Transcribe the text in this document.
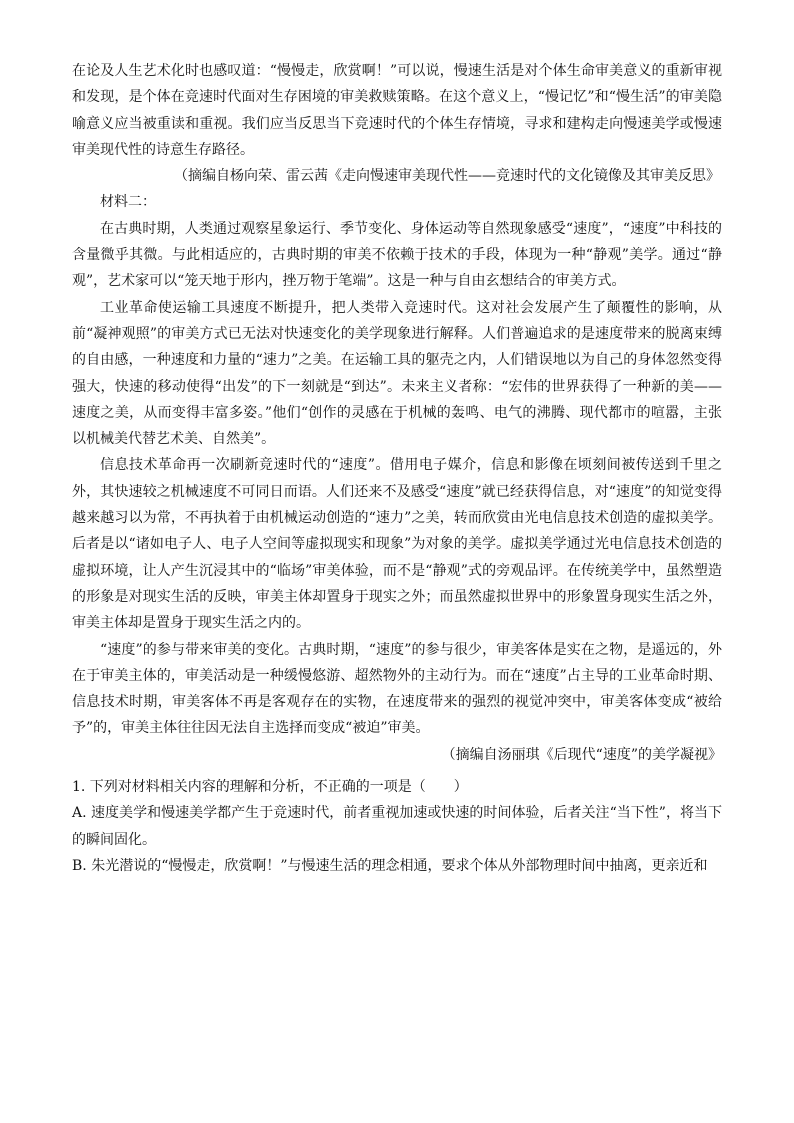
在论及人生艺术化时也感叹道：“慢慢走，欣赏啊！”可以说，慢速生活是对个体生命审美意义的重新审视和发现，是个体在竞速时代面对生存困境的审美救赎策略。在这个意义上，“慢记忆”和“慢生活”的审美隐喻意义应当被重读和重视。我们应当反思当下竞速时代的个体生存情境，寻求和建构走向慢速美学或慢速审美现代性的诗意生存路径。

（摘编自杨向荣、雷云茜《走向慢速审美现代性——竞速时代的文化镜像及其审美反思》

材料二：

在古典时期，人类通过观察星象运行、季节变化、身体运动等自然现象感受“速度”，“速度”中科技的含量微乎其微。与此相适应的，古典时期的审美不依赖于技术的手段，体现为一种“静观”美学。通过“静观”，艺术家可以“笼天地于形内，挫万物于笔端”。这是一种与自由玄想结合的审美方式。

工业革命使运输工具速度不断提升，把人类带入竞速时代。这对社会发展产生了颠覆性的影响，从前“凝神观照”的审美方式已无法对快速变化的美学现象进行解释。人们普遍追求的是速度带来的脱离束缚的自由感，一种速度和力量的“速力”之美。在运输工具的躯壳之内，人们错误地以为自己的身体忽然变得强大，快速的移动使得“出发”的下一刻就是“到达”。未来主义者称：“宏伟的世界获得了一种新的美——速度之美，从而变得丰富多姿。”他们“创作的灵感在于机械的轰鸣、电气的沸腾、现代都市的喧嚣，主张以机械美代替艺术美、自然美”。

信息技术革命再一次刷新竞速时代的“速度”。借用电子媒介，信息和影像在顷刻间被传送到千里之外，其快速较之机械速度不可同日而语。人们还来不及感受“速度”就已经获得信息，对“速度”的知觉变得越来越习以为常，不再执着于由机械运动创造的“速力”之美，转而欣赏由光电信息技术创造的虚拟美学。后者是以“诸如电子人、电子人空间等虚拟现实和现象”为对象的美学。虚拟美学通过光电信息技术创造的虚拟环境，让人产生沉浸其中的“临场”审美体验，而不是“静观”式的旁观品评。在传统美学中，虽然塑造的形象是对现实生活的反映，审美主体却置身于现实之外；而虽然虚拟世界中的形象置身现实生活之外，审美主体却是置身于现实生活之内的。

“速度”的参与带来审美的变化。古典时期，“速度”的参与很少，审美客体是实在之物，是遥远的，外在于审美主体的，审美活动是一种缓慢悠游、超然物外的主动行为。而在“速度”占主导的工业革命时期、信息技术时期，审美客体不再是客观存在的实物，在速度带来的强烈的视觉冲突中，审美客体变成“被给予”的，审美主体往往因无法自主选择而变成“被迫”审美。

（摘编自汤丽琪《后现代“速度”的美学凝视》

1. 下列对材料相关内容的理解和分析，不正确的一项是（　　）

A. 速度美学和慢速美学都产生于竞速时代，前者重视加速或快速的时间体验，后者关注“当下性”，将当下的瞬间固化。

B. 朱光潜说的“慢慢走，欣赏啊！”与慢速生活的理念相通，要求个体从外部物理时间中抽离，更亲近和
